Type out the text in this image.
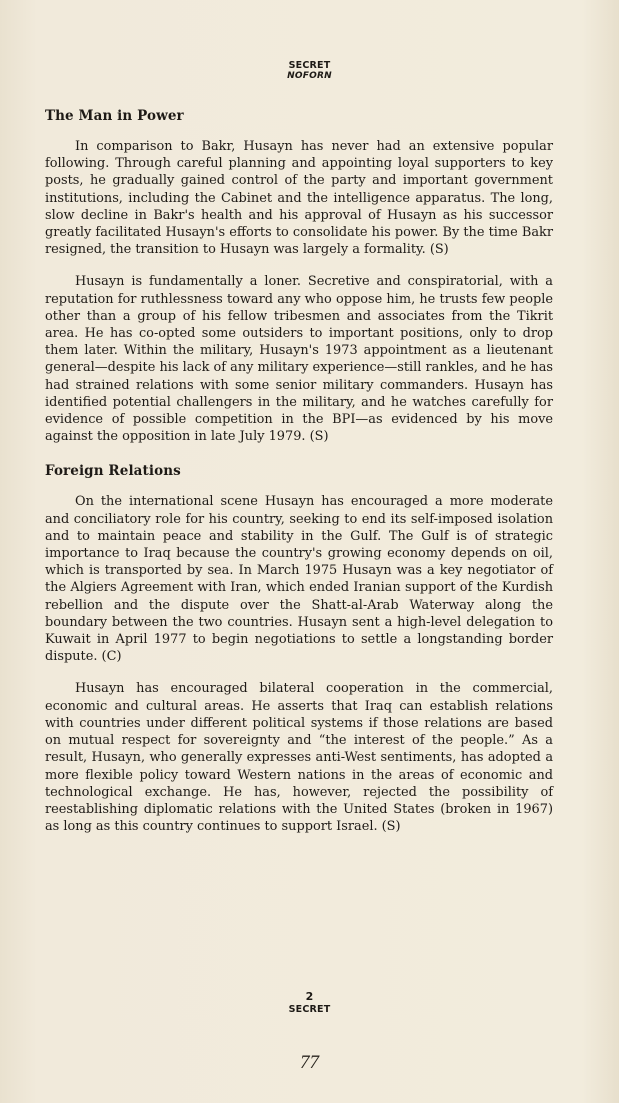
SECRET
NOFORN
The Man in Power

In comparison to Bakr, Husayn has never had an extensive popular following. Through careful planning and appointing loyal supporters to key posts, he gradually gained control of the party and important government institutions, including the Cabinet and the intelligence apparatus. The long, slow decline in Bakr's health and his approval of Husayn as his successor greatly facilitated Husayn's efforts to consolidate his power. By the time Bakr resigned, the transition to Husayn was largely a formality. (S)

Husayn is fundamentally a loner. Secretive and conspiratorial, with a reputation for ruthlessness toward any who oppose him, he trusts few people other than a group of his fellow tribesmen and associates from the Tikrit area. He has co-opted some outsiders to important positions, only to drop them later. Within the military, Husayn's 1973 appointment as a lieutenant general—despite his lack of any military experience—still rankles, and he has had strained relations with some senior military commanders. Husayn has identified potential challengers in the military, and he watches carefully for evidence of possible competition in the BPI—as evidenced by his move against the opposition in late July 1979. (S)

Foreign Relations

On the international scene Husayn has encouraged a more moderate and conciliatory role for his country, seeking to end its self-imposed isolation and to maintain peace and stability in the Gulf. The Gulf is of strategic importance to Iraq because the country's growing economy depends on oil, which is transported by sea. In March 1975 Husayn was a key negotiator of the Algiers Agreement with Iran, which ended Iranian support of the Kurdish rebellion and the dispute over the Shatt-al-Arab Waterway along the boundary between the two countries. Husayn sent a high-level delegation to Kuwait in April 1977 to begin negotiations to settle a longstanding border dispute. (C)

Husayn has encouraged bilateral cooperation in the commercial, economic and cultural areas. He asserts that Iraq can establish relations with countries under different political systems if those relations are based on mutual respect for sovereignty and “the interest of the people.” As a result, Husayn, who generally expresses anti-West sentiments, has adopted a more flexible policy toward Western nations in the areas of economic and technological exchange. He has, however, rejected the possibility of reestablishing diplomatic relations with the United States (broken in 1967) as long as this country continues to support Israel. (S)

2
SECRET
77
